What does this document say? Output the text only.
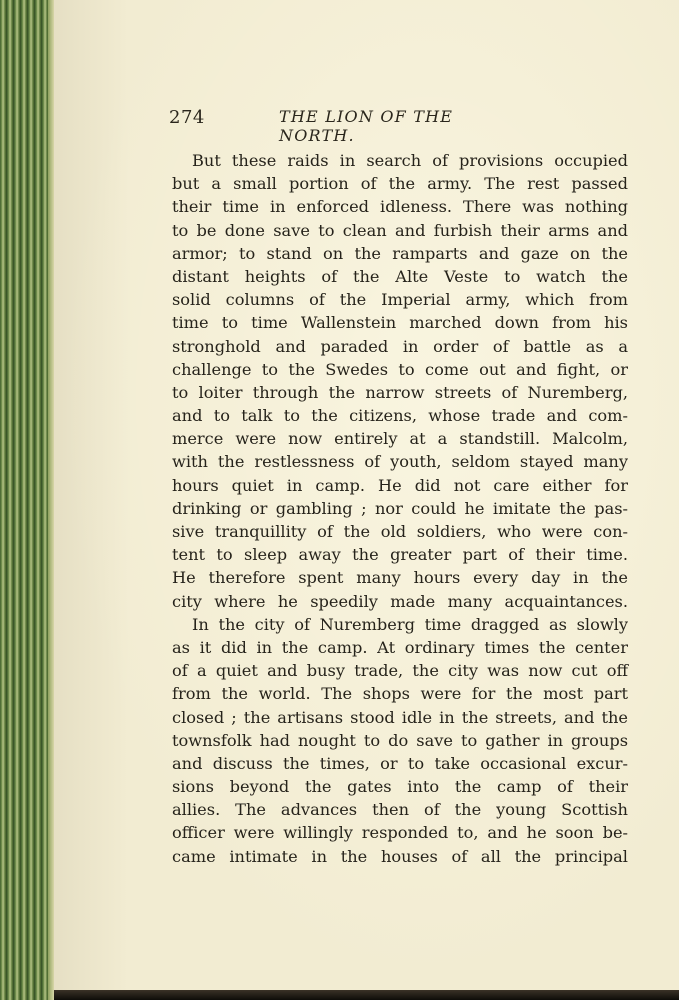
274	THE LION OF THE NORTH.
But these raids in search of provisions occupied
but a small portion of the army. The rest passed
their time in enforced idleness. There was nothing
to be done save to clean and furbish their arms and
armor; to stand on the ramparts and gaze on the
distant heights of the Alte Veste to watch the
solid columns of the Imperial army, which from
time to time Wallenstein marched down from his
stronghold and paraded in order of battle as a
challenge to the Swedes to come out and fight, or
to loiter through the narrow streets of Nuremberg,
and to talk to the citizens, whose trade and com-
merce were now entirely at a standstill. Malcolm,
with the restlessness of youth, seldom stayed many
hours quiet in camp. He did not care either for
drinking or gambling ; nor could he imitate the pas-
sive tranquillity of the old soldiers, who were con-
tent to sleep away the greater part of their time.
He therefore spent many hours every day in the
city where he speedily made many acquaintances.
In the city of Nuremberg time dragged as slowly
as it did in the camp. At ordinary times the center
of a quiet and busy trade, the city was now cut off
from the world. The shops were for the most part
closed ; the artisans stood idle in the streets, and the
townsfolk had nought to do save to gather in groups
and discuss the times, or to take occasional excur-
sions beyond the gates into the camp of their
allies. The advances then of the young Scottish
officer were willingly responded to, and he soon be-
came intimate in the houses of all the principal
